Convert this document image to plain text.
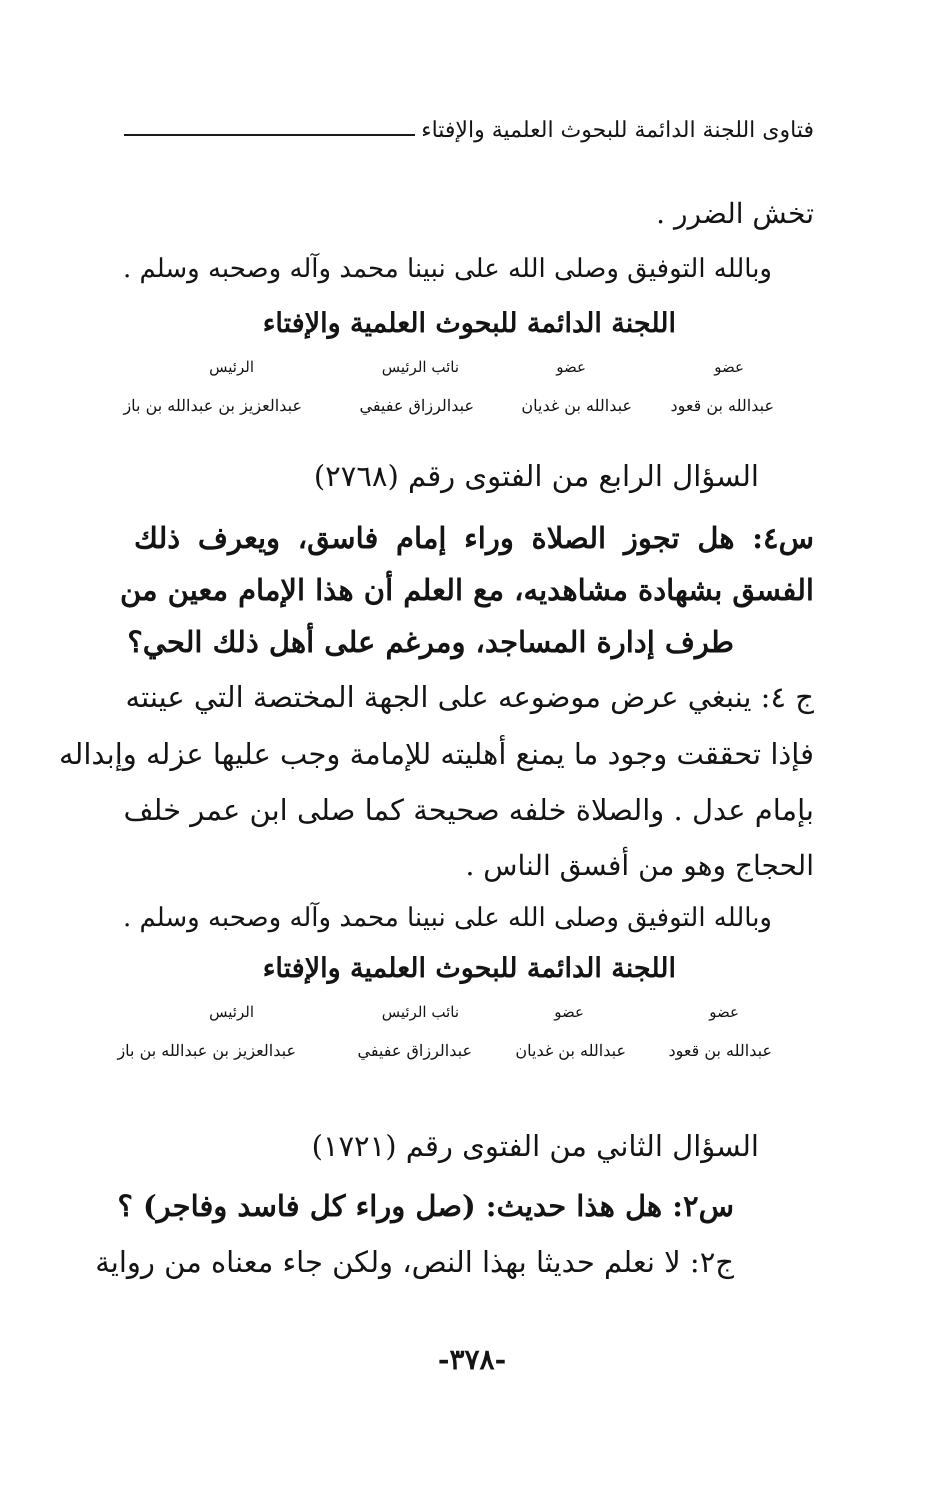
فتاوى اللجنة الدائمة للبحوث العلمية والإفتاء
تخش الضرر .
وبالله التوفيق وصلى الله على نبينا محمد وآله وصحبه وسلم .
اللجنة الدائمة للبحوث العلمية والإفتاء
عضو
عضو
نائب الرئيس
الرئيس
عبدالله بن قعود
عبدالله بن غديان
عبدالرزاق عفيفي
عبدالعزيز بن عبدالله بن باز
السؤال الرابع من الفتوى رقم (٢٧٦٨)
س٤: هل تجوز الصلاة وراء إمام فاسق، ويعرف ذلك
الفسق بشهادة مشاهديه، مع العلم أن هذا الإمام معين من
طرف إدارة المساجد، ومرغم على أهل ذلك الحي؟
ج ٤: ينبغي عرض موضوعه على الجهة المختصة التي عينته
فإذا تحققت وجود ما يمنع أهليته للإمامة وجب عليها عزله وإبداله
بإمام عدل . والصلاة خلفه صحيحة كما صلى ابن عمر خلف
الحجاج وهو من أفسق الناس .
وبالله التوفيق وصلى الله على نبينا محمد وآله وصحبه وسلم .
اللجنة الدائمة للبحوث العلمية والإفتاء
عضو
عضو
نائب الرئيس
الرئيس
عبدالله بن قعود
عبدالله بن غديان
عبدالرزاق عفيفي
عبدالعزيز بن عبدالله بن باز
السؤال الثاني من الفتوى رقم (١٧٢١)
س٢: هل هذا حديث: (صل وراء كل فاسد وفاجر) ؟
ج٢: لا نعلم حديثا بهذا النص، ولكن جاء معناه من رواية
-٣٧٨-
